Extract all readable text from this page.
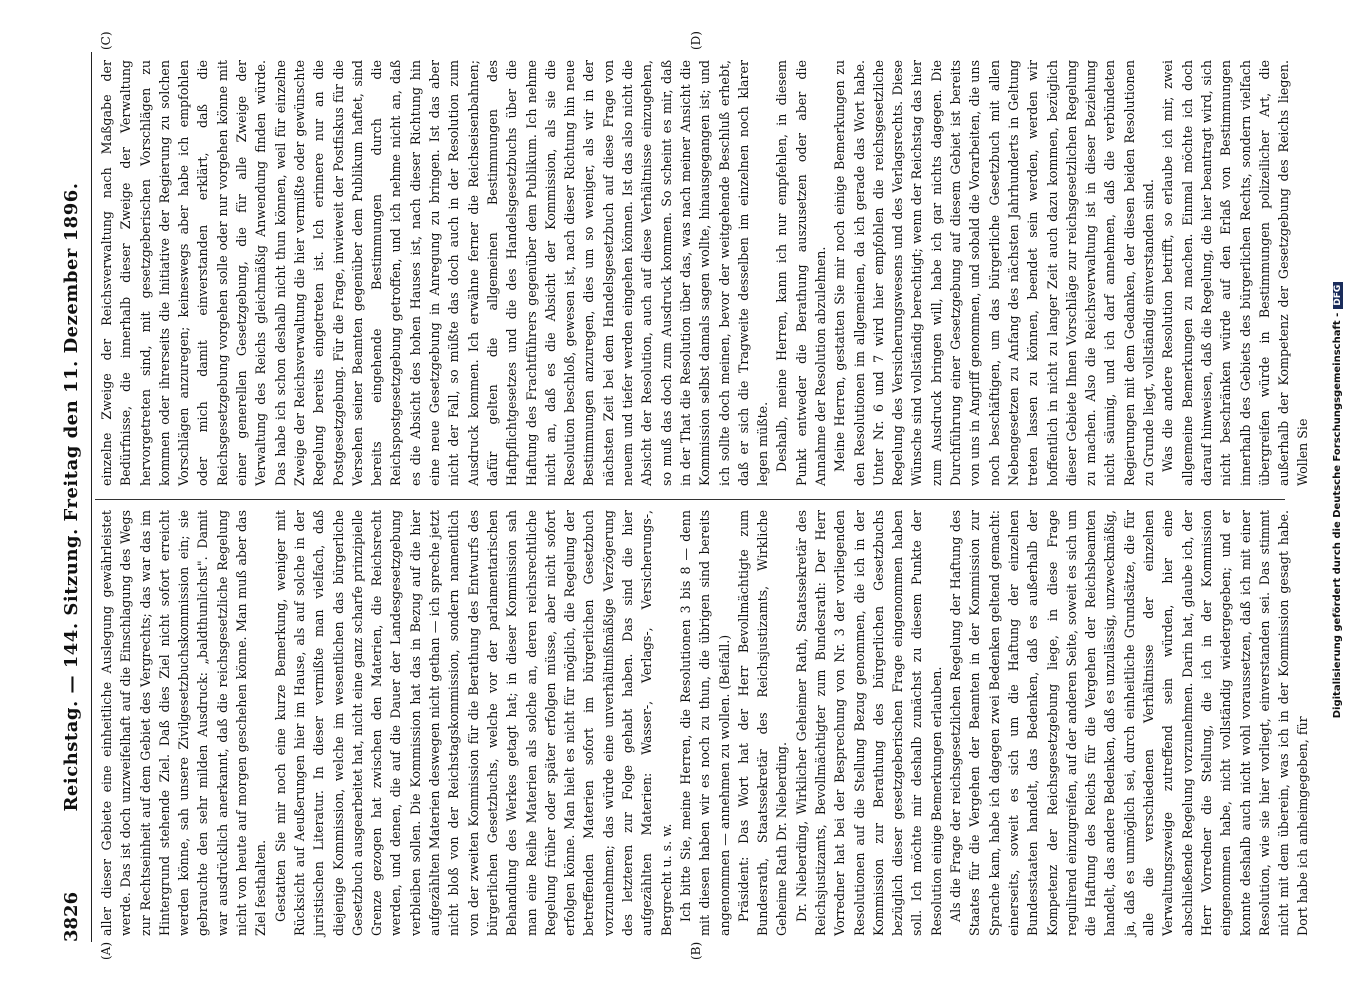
Reichstag. — 144. Sitzung. Freitag den 11. Dezember 1896.
3826
(A)	(B)
(C)	(D)

aller dieser Gebiete eine einheitliche Auslegung gewährleistet werde. Das ist doch unzweifelhaft auf die Einschlagung des Wegs zur Rechtseinheit auf dem Gebiet des Vergrechts; das war das im Hintergrund stehende Ziel. Daß dies Ziel nicht sofort erreicht werden könne, sah unsere Zivilgesetzbuchskommission ein; sie gebrauchte den sehr milden Ausdruck: „baldthunlichst". Damit war ausdrücklich anerkannt, daß die reichsgesetzliche Regelung nicht von heute auf morgen geschehen könne. Man muß aber das Ziel festhalten. Gestatten Sie mir noch eine kurze Bemerkung, weniger mit Rücksicht auf Aeußerungen hier im Hause, als auf solche in der juristischen Literatur. In dieser vermißte man vielfach, daß diejenige Kommission, welche im wesentlichen das bürgerliche Gesetzbuch ausgearbeitet hat, nicht eine ganz scharfe prinzipielle Grenze gezogen hat zwischen den Materien, die Reichsrecht werden, und denen, die auf die Dauer der Landesgesetzgebung verbleiben sollen. Die Kommission hat das in Bezug auf die hier aufgezählten Materien deswegen nicht gethan — ich spreche jetzt nicht bloß von der Reichstagskommission, sondern namentlich von der zweiten Kommission für die Berathung des Entwurfs des bürgerlichen Gesetzbuchs, welche vor der parlamentarischen Behandlung des Werkes getagt hat; in dieser Kommission sah man eine Reihe Materien als solche an, deren reichsrechtliche Regelung früher oder später erfolgen müsse, aber nicht sofort erfolgen könne. Man hielt es nicht für möglich, die Regelung der betreffenden Materien sofort im bürgerlichen Gesetzbuch vorzunehmen; das würde eine unverhältnißmäßige Verzögerung des letzteren zur Folge gehabt haben. Das sind die hier aufgezählten Materien: Wasser-, Verlags-, Versicherungs-, Bergrecht u. s. w. Ich bitte Sie, meine Herren, die Resolutionen 3 bis 8 — denn mit diesen haben wir es noch zu thun, die übrigen sind bereits angenommen — annehmen zu wollen. (Beifall.) Präsident: Das Wort hat der Herr Bevollmächtigte zum Bundesrath, Staatssekretär des Reichsjustizamts, Wirkliche Geheime Rath Dr. Nieberding. Dr. Nieberding, Wirklicher Geheimer Rath, Staatssekretär des Reichsjustizamts, Bevollmächtigter zum Bundesrath: Der Herr Vorredner hat bei der Besprechung von Nr. 3 der vorliegenden Resolutionen auf die Stellung Bezug genommen, die ich in der Kommission zur Berathung des bürgerlichen Gesetzbuchs bezüglich dieser gesetzgeberischen Frage eingenommen haben soll. Ich möchte mir deshalb zunächst zu diesem Punkte der Resolution einige Bemerkungen erlauben. Als die Frage der reichsgesetzlichen Regelung der Haftung des Staates für die Vergehen der Beamten in der Kommission zur Sprache kam, habe ich dagegen zwei Bedenken geltend gemacht: einerseits, soweit es sich um die Haftung der einzelnen Bundesstaaten handelt, das Bedenken, daß es außerhalb der Kompetenz der Reichsgesetzgebung liege, in diese Frage regulirend einzugreifen, auf der anderen Seite, soweit es sich um die Haftung des Reichs für die Vergehen der Reichsbeamten handelt, das andere Bedenken, daß es unzulässig, unzweckmäßig, ja, daß es unmöglich sei, durch einheitliche Grundsätze, die für alle die verschiedenen Verhältnisse der einzelnen Verwaltungszweige zutreffend sein würden, hier eine abschließende Regelung vorzunehmen. Darin hat, glaube ich, der Herr Vorredner die Stellung, die ich in der Kommission eingenommen habe, nicht vollständig wiedergegeben; und er konnte deshalb auch nicht wohl voraussetzen, daß ich mit einer Resolution, wie sie hier vorliegt, einverstanden sei. Das stimmt nicht mit dem überein, was ich in der Kommission gesagt habe. Dort habe ich anheimgegeben, für

einzelne Zweige der Reichsverwaltung nach Maßgabe der Bedürfnisse, die innerhalb dieser Zweige der Verwaltung hervorgetreten sind, mit gesetzgeberischen Vorschlägen zu kommen oder ihrerseits die Initiative der Regierung zu solchen Vorschlägen anzuregen; keineswegs aber habe ich empfohlen oder mich damit einverstanden erklärt, daß die Reichsgesetzgebung vorgehen solle oder nur vorgehen könne mit einer generellen Gesetzgebung, die für alle Zweige der Verwaltung des Reichs gleichmäßig Anwendung finden würde. Das habe ich schon deshalb nicht thun können, weil für einzelne Zweige der Reichsverwaltung die hier vermißte oder gewünschte Regelung bereits eingetreten ist. Ich erinnere nur an die Postgesetzgebung. Für die Frage, inwieweit der Postfiskus für die Versehen seiner Beamten gegenüber dem Publikum haftet, sind bereits eingehende Bestimmungen durch die Reichspostgesetzgebung getroffen, und ich nehme nicht an, daß es die Absicht des hohen Hauses ist, nach dieser Richtung hin eine neue Gesetzgebung in Anregung zu bringen. Ist das aber nicht der Fall, so müßte das doch auch in der Resolution zum Ausdruck kommen. Ich erwähne ferner die Reichseisenbahnen; dafür gelten die allgemeinen Bestimmungen des Haftpflichtgesetzes und die des Handelsgesetzbuchs über die Haftung des Frachtführers gegenüber dem Publikum. Ich nehme nicht an, daß es die Absicht der Kommission, als sie die Resolution beschloß, gewesen ist, nach dieser Richtung hin neue Bestimmungen anzuregen, dies um so weniger, als wir in der nächsten Zeit bei dem Handelsgesetzbuch auf diese Frage von neuem und tiefer werden eingehen können. Ist das also nicht die Absicht der Resolution, auch auf diese Verhältnisse einzugehen, so muß das doch zum Ausdruck kommen. So scheint es mir, daß in der That die Resolution über das, was nach meiner Ansicht die Kommission selbst damals sagen wollte, hinausgegangen ist; und ich sollte doch meinen, bevor der weitgehende Beschluß erhebt, daß er sich die Tragweite desselben im einzelnen noch klarer legen müßte. Deshalb, meine Herren, kann ich nur empfehlen, in diesem Punkt entweder die Berathung auszusetzen oder aber die Annahme der Resolution abzulehnen. Meine Herren, gestatten Sie mir noch einige Bemerkungen zu den Resolutionen im allgemeinen, da ich gerade das Wort habe. Unter Nr. 6 und 7 wird hier empfohlen die reichsgesetzliche Regelung des Versicherungswesens und des Verlagsrechts. Diese Wünsche sind vollständig berechtigt; wenn der Reichstag das hier zum Ausdruck bringen will, habe ich gar nichts dagegen. Die Durchführung einer Gesetzgebung auf diesem Gebiet ist bereits von uns in Angriff genommen, und sobald die Vorarbeiten, die uns noch beschäftigen, um das bürgerliche Gesetzbuch mit allen Nebengesetzen zu Anfang des nächsten Jahrhunderts in Geltung treten lassen zu können, beendet sein werden, werden wir hoffentlich in nicht zu langer Zeit auch dazu kommen, bezüglich dieser Gebiete Ihnen Vorschläge zur reichsgesetzlichen Regelung zu machen. Also die Reichsverwaltung ist in dieser Beziehung nicht säumig, und ich darf annehmen, daß die verbündeten Regierungen mit dem Gedanken, der diesen beiden Resolutionen zu Grunde liegt, vollständig einverstanden sind. Was die andere Resolution betrifft, so erlaube ich mir, zwei allgemeine Bemerkungen zu machen. Einmal möchte ich doch darauf hinweisen, daß die Regelung, die hier beantragt wird, sich nicht beschränken würde auf den Erlaß von Bestimmungen innerhalb des Gebiets des bürgerlichen Rechts, sondern vielfach übergreifen würde in Bestimmungen polizeilicher Art, die außerhalb der Kompetenz der Gesetzgebung des Reichs liegen. Wollen Sie Digitalisierung gefördert durch die Deutsche Forschungsgemeinschaft -DFG
